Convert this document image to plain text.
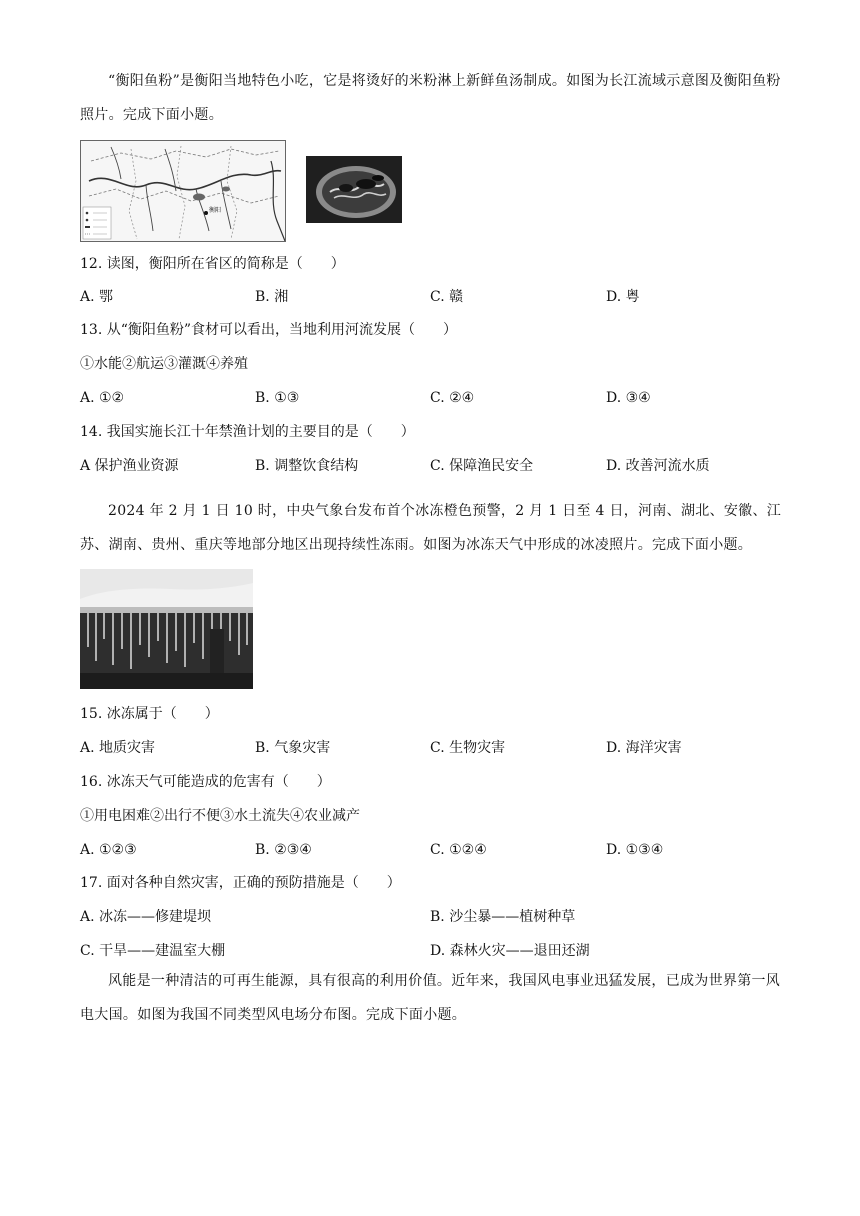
“衡阳鱼粉”是衡阳当地特色小吃，它是将烫好的米粉淋上新鲜鱼汤制成。如图为长江流域示意图及衡阳鱼粉照片。完成下面小题。

衡阳

12. 读图，衡阳所在省区的简称是（　　）

A. 鄂	B. 湘	C. 赣	D. 粤

13. 从“衡阳鱼粉”食材可以看出，当地利用河流发展（　　）

①水能②航运③灌溉④养殖

A. ①②	B. ①③	C. ②④	D. ③④

14. 我国实施长江十年禁渔计划的主要目的是（　　）

A 保护渔业资源	B. 调整饮食结构	C. 保障渔民安全	D. 改善河流水质

2024 年 2 月 1 日 10 时，中央气象台发布首个冰冻橙色预警，2 月 1 日至 4 日，河南、湖北、安徽、江苏、湖南、贵州、重庆等地部分地区出现持续性冻雨。如图为冰冻天气中形成的冰凌照片。完成下面小题。

15. 冰冻属于（　　）

A. 地质灾害	B. 气象灾害	C. 生物灾害	D. 海洋灾害

16. 冰冻天气可能造成的危害有（　　）

①用电困难②出行不便③水土流失④农业减产

A. ①②③	B. ②③④	C. ①②④	D. ①③④

17. 面对各种自然灾害，正确的预防措施是（　　）

A. 冰冻——修建堤坝	B. 沙尘暴——植树种草
C. 干旱——建温室大棚	D. 森林火灾——退田还湖

风能是一种清洁的可再生能源，具有很高的利用价值。近年来，我国风电事业迅猛发展，已成为世界第一风电大国。如图为我国不同类型风电场分布图。完成下面小题。
